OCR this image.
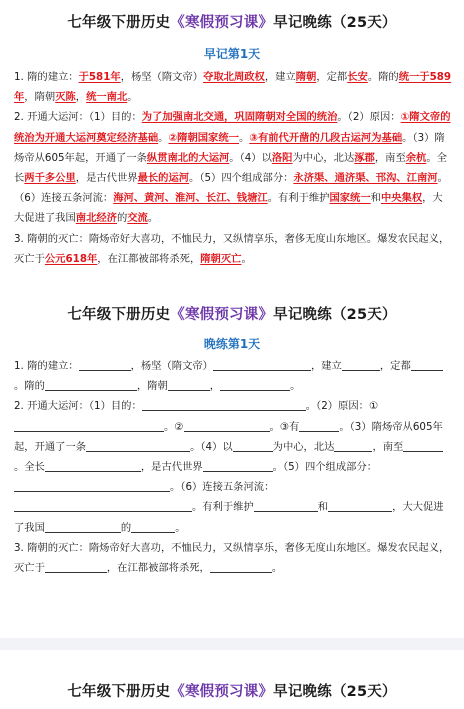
七年级下册历史《寒假预习课》早记晚练（25天）
早记第1天

1. 隋的建立：于581年，杨坚（隋文帝）夺取北周政权，建立隋朝，定都长安。隋的统一于589年，隋朝灭陈，统一南北。

2. 开通大运河：（1）目的：为了加强南北交通，巩固隋朝对全国的统治。（2）原因：①隋文帝的统治为开通大运河奠定经济基础。②隋朝国家统一。③有前代开凿的几段古运河为基础。（3）隋炀帝从605年起，开通了一条纵贯南北的大运河。（4）以洛阳为中心，北达涿郡，南至余杭。全长两千多公里，是古代世界最长的运河。（5）四个组成部分：永济渠、通济渠、邗沟、江南河。（6）连接五条河流：海河、黄河、淮河、长江、钱塘江。有利于维护国家统一和中央集权，大大促进了我国南北经济的交流。

3. 隋朝的灭亡：隋炀帝好大喜功，不恤民力，又纵情享乐，奢侈无度山东地区。爆发农民起义，灭亡于公元618年，在江都被部将杀死，隋朝灭亡。

七年级下册历史《寒假预习课》早记晚练（25天）
晚练第1天

1. 隋的建立：	，杨坚（隋文帝）	，建立	，定都。隋的	，隋朝	，	。

2. 开通大运河：（1）目的：	。（2）原因：①。②	。③有	。（3）隋炀帝从605年起，开通了一条	。（4）以	为中心，北达	，南至。全长	，是古代世界	。（5）四个组成部分：。（6）连接五条河流：。有利于维护	和	，大大促进了我国	的	。

3. 隋朝的灭亡：隋炀帝好大喜功，不恤民力，又纵情享乐，奢侈无度山东地区。爆发农民起义，灭亡于	，在江都被部将杀死，	。

七年级下册历史《寒假预习课》早记晚练（25天）
